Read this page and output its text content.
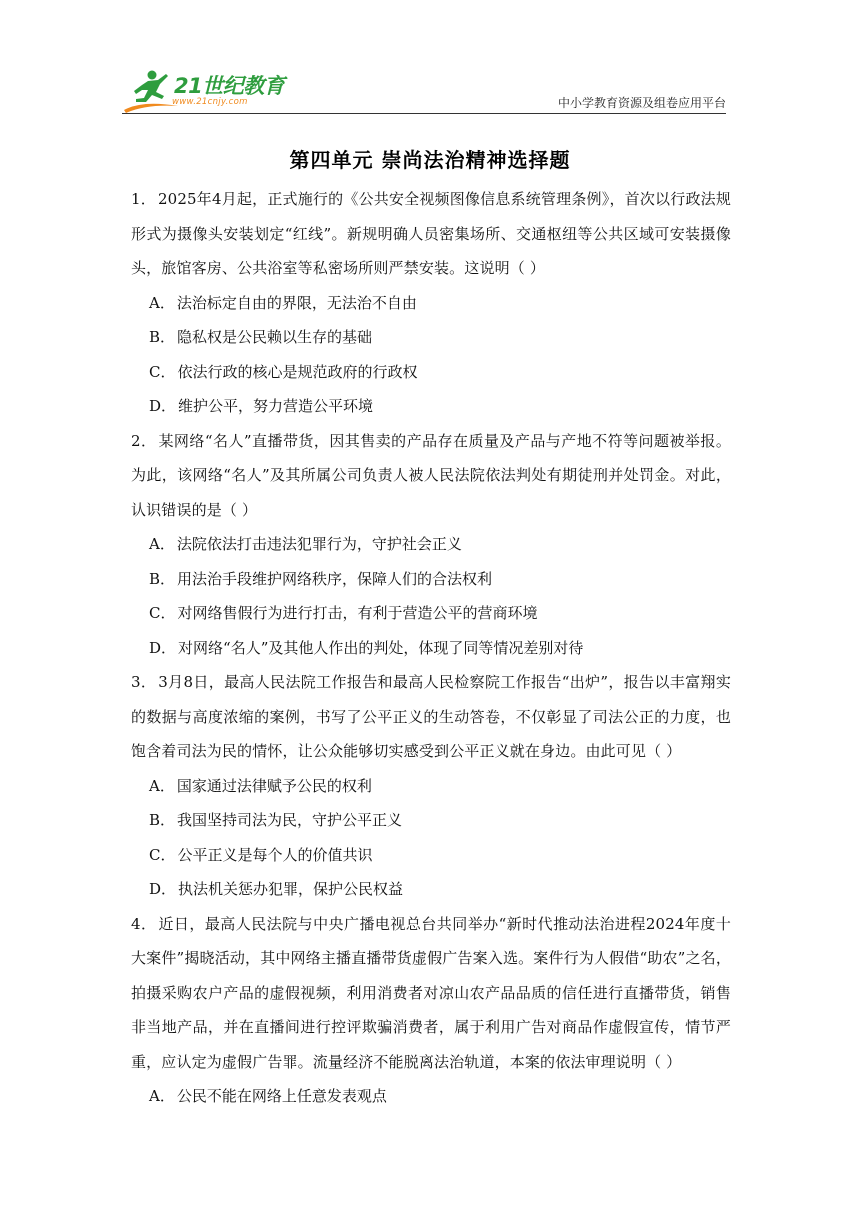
21世纪教育
www.21cnjy.com	中小学教育资源及组卷应用平台
第四单元 崇尚法治精神选择题

1． 2025年4月起，正式施行的《公共安全视频图像信息系统管理条例》，首次以行政法规形式为摄像头安装划定“红线”。新规明确人员密集场所、交通枢纽等公共区域可安装摄像头，旅馆客房、公共浴室等私密场所则严禁安装。这说明（ ）

A． 法治标定自由的界限，无法治不自由

B． 隐私权是公民赖以生存的基础

C． 依法行政的核心是规范政府的行政权

D． 维护公平，努力营造公平环境

2． 某网络“名人”直播带货，因其售卖的产品存在质量及产品与产地不符等问题被举报。为此，该网络“名人”及其所属公司负责人被人民法院依法判处有期徒刑并处罚金。对此，认识错误的是（ ）

A． 法院依法打击违法犯罪行为，守护社会正义

B． 用法治手段维护网络秩序，保障人们的合法权利

C． 对网络售假行为进行打击，有利于营造公平的营商环境

D． 对网络“名人”及其他人作出的判处，体现了同等情况差别对待

3． 3月8日，最高人民法院工作报告和最高人民检察院工作报告“出炉”，报告以丰富翔实的数据与高度浓缩的案例，书写了公平正义的生动答卷，不仅彰显了司法公正的力度，也饱含着司法为民的情怀，让公众能够切实感受到公平正义就在身边。由此可见（ ）

A． 国家通过法律赋予公民的权利

B． 我国坚持司法为民，守护公平正义

C． 公平正义是每个人的价值共识

D． 执法机关惩办犯罪，保护公民权益

4． 近日，最高人民法院与中央广播电视总台共同举办“新时代推动法治进程2024年度十大案件”揭晓活动，其中网络主播直播带货虚假广告案入选。案件行为人假借“助农”之名，拍摄采购农户产品的虚假视频，利用消费者对凉山农产品品质的信任进行直播带货，销售非当地产品，并在直播间进行控评欺骗消费者，属于利用广告对商品作虚假宣传，情节严重，应认定为虚假广告罪。流量经济不能脱离法治轨道，本案的依法审理说明（ ）

A． 公民不能在网络上任意发表观点
